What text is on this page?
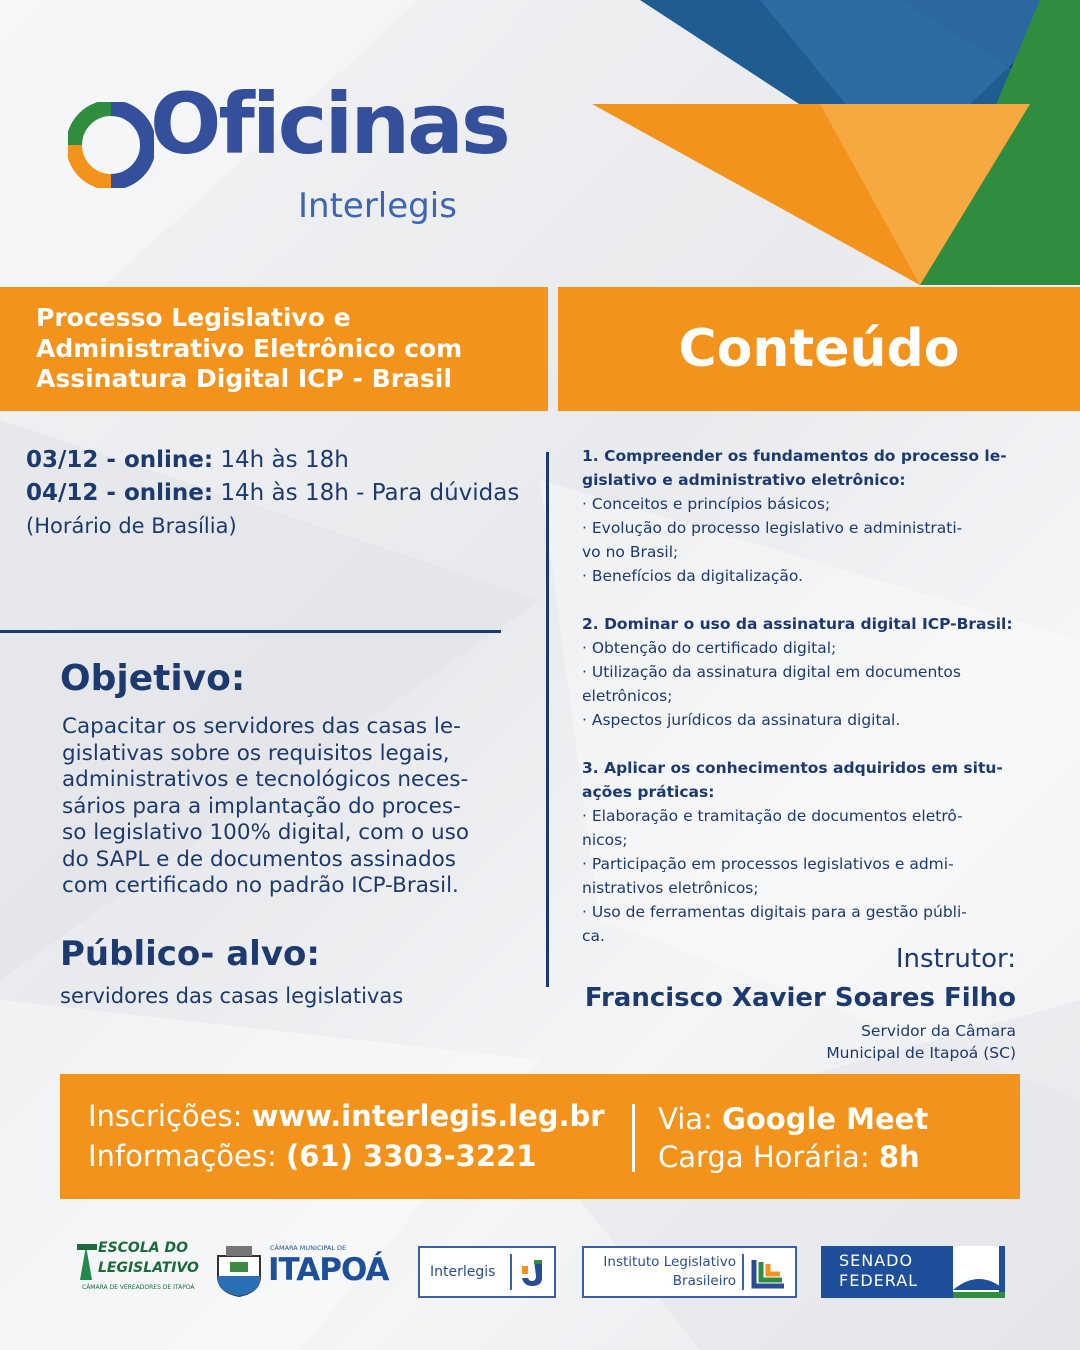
Oficinas
Interlegis
Processo Legislativo e
Administrativo Eletrônico com
Assinatura Digital ICP - Brasil	Conteúdo
03/12 - online: 14h às 18h
04/12 - online: 14h às 18h - Para dúvidas
(Horário de Brasília)
Objetivo:
Capacitar os servidores das casas le-
gislativas sobre os requisitos legais,
administrativos e tecnológicos neces-
sários para a implantação do proces-
so legislativo 100% digital, com o uso
do SAPL e de documentos assinados
com certificado no padrão ICP-Brasil.
Público- alvo:
servidores das casas legislativas
1. Compreender os fundamentos do processo le-
gislativo e administrativo eletrônico:
· Conceitos e princípios básicos;
· Evolução do processo legislativo e administrati-
vo no Brasil;
· Benefícios da digitalização.
2. Dominar o uso da assinatura digital ICP-Brasil:
· Obtenção do certificado digital;
· Utilização da assinatura digital em documentos
eletrônicos;
· Aspectos jurídicos da assinatura digital.
3. Aplicar os conhecimentos adquiridos em situ-
ações práticas:
· Elaboração e tramitação de documentos eletrô-
nicos;
· Participação em processos legislativos e admi-
nistrativos eletrônicos;
· Uso de ferramentas digitais para a gestão públi-
ca.
Instrutor:
Francisco Xavier Soares Filho
Servidor da Câmara
Municipal de Itapoá (SC)
Inscrições: www.interlegis.leg.br
Informações: (61) 3303-3221
Via: Google Meet
Carga Horária: 8h
ESCOLA DO
LEGISLATIVO
CÂMARA DE VEREADORES DE ITAPOÁ
CÂMARA MUNICIPAL DE
ITAPOÁ	Interlegis
Instituto Legislativo
Brasileiro
SENADO
FEDERAL
